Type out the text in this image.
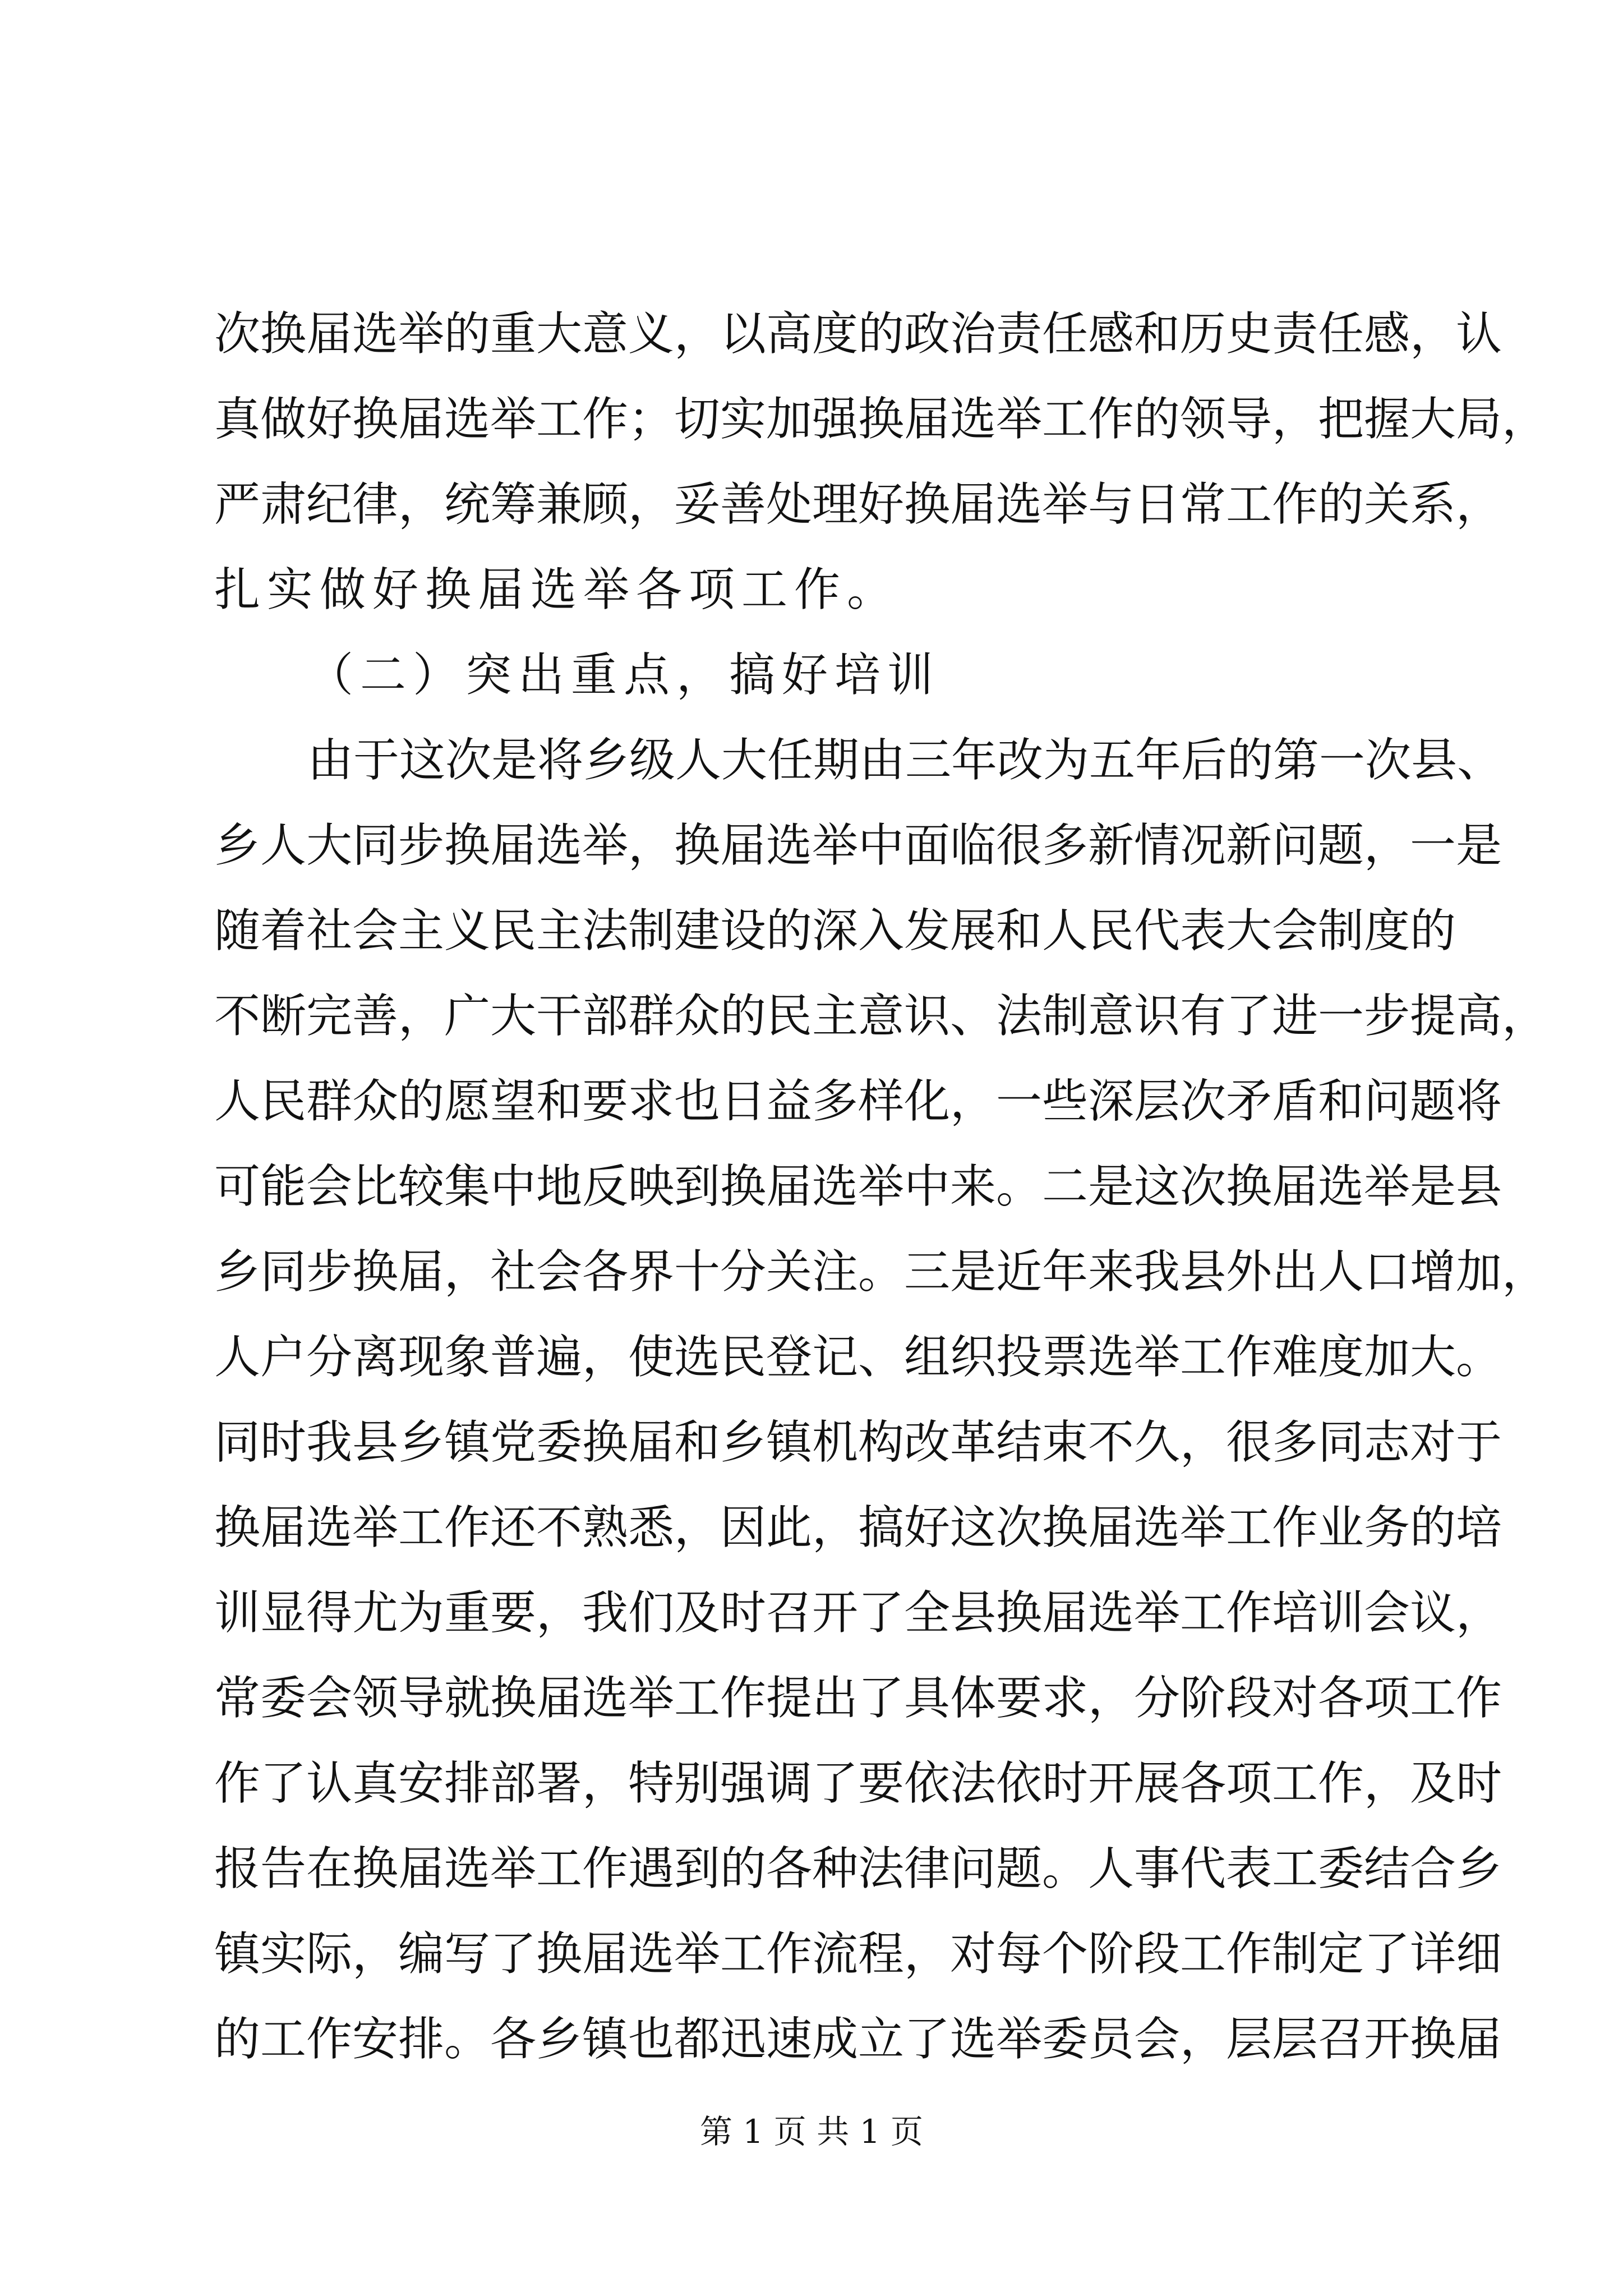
次换届选举的重大意义，以高度的政治责任感和历史责任感，认
真做好换届选举工作；切实加强换届选举工作的领导，把握大局，
严肃纪律，统筹兼顾，妥善处理好换届选举与日常工作的关系，
扎实做好换届选举各项工作。
（二）突出重点，搞好培训
由于这次是将乡级人大任期由三年改为五年后的第一次县、
乡人大同步换届选举，换届选举中面临很多新情况新问题，一是
随着社会主义民主法制建设的深入发展和人民代表大会制度的
不断完善，广大干部群众的民主意识、法制意识有了进一步提高，
人民群众的愿望和要求也日益多样化，一些深层次矛盾和问题将
可能会比较集中地反映到换届选举中来。二是这次换届选举是县
乡同步换届，社会各界十分关注。三是近年来我县外出人口增加，
人户分离现象普遍，使选民登记、组织投票选举工作难度加大。
同时我县乡镇党委换届和乡镇机构改革结束不久，很多同志对于
换届选举工作还不熟悉，因此，搞好这次换届选举工作业务的培
训显得尤为重要，我们及时召开了全县换届选举工作培训会议，
常委会领导就换届选举工作提出了具体要求，分阶段对各项工作
作了认真安排部署，特别强调了要依法依时开展各项工作，及时
报告在换届选举工作遇到的各种法律问题。人事代表工委结合乡
镇实际，编写了换届选举工作流程，对每个阶段工作制定了详细
的工作安排。各乡镇也都迅速成立了选举委员会，层层召开换届
第 1 页 共 1 页
